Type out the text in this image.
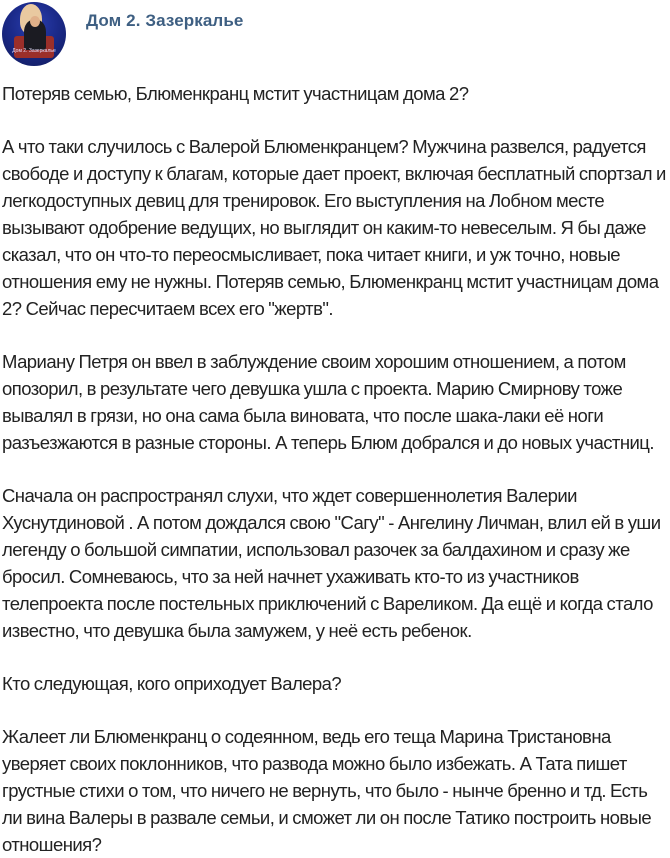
Дом 2. Зазеркалье
Дом 2. Зазеркалье

Потеряв семью, Блюменкранц мстит участницам дома 2?

А что таки случилось с Валерой Блюменкранцем? Мужчина развелся, радуется свободе и доступу к благам, которые дает проект, включая бесплатный спортзал и легкодоступных девиц для тренировок. Его выступления на Лобном месте вызывают одобрение ведущих, но выглядит он каким-то невеселым. Я бы даже сказал, что он что-то переосмысливает, пока читает книги, и уж точно, новые отношения ему не нужны. Потеряв семью, Блюменкранц мстит участницам дома 2? Сейчас пересчитаем всех его "жертв".

Мариану Петря он ввел в заблуждение своим хорошим отношением, а потом опозорил, в результате чего девушка ушла с проекта. Марию Смирнову тоже вывалял в грязи, но она сама была виновата, что после шака-лаки её ноги разъезжаются в разные стороны. А теперь Блюм добрался и до новых участниц.

Сначала он распространял слухи, что ждет совершеннолетия Валерии Хуснутдиновой . А потом дождался свою "Сагу" - Ангелину Личман, влил ей в уши легенду о большой симпатии, использовал разочек за балдахином и сразу же бросил. Сомневаюсь, что за ней начнет ухаживать кто-то из участников телепроекта после постельных приключений с Вареликом. Да ещё и когда стало известно, что девушка была замужем, у неё есть ребенок.

Кто следующая, кого оприходует Валера?

Жалеет ли Блюменкранц о содеянном, ведь его теща Марина Тристановна уверяет своих поклонников, что развода можно было избежать. А Тата пишет грустные стихи о том, что ничего не вернуть, что было - нынче бренно и тд. Есть ли вина Валеры в развале семьи, и сможет ли он после Татико построить новые отношения?
